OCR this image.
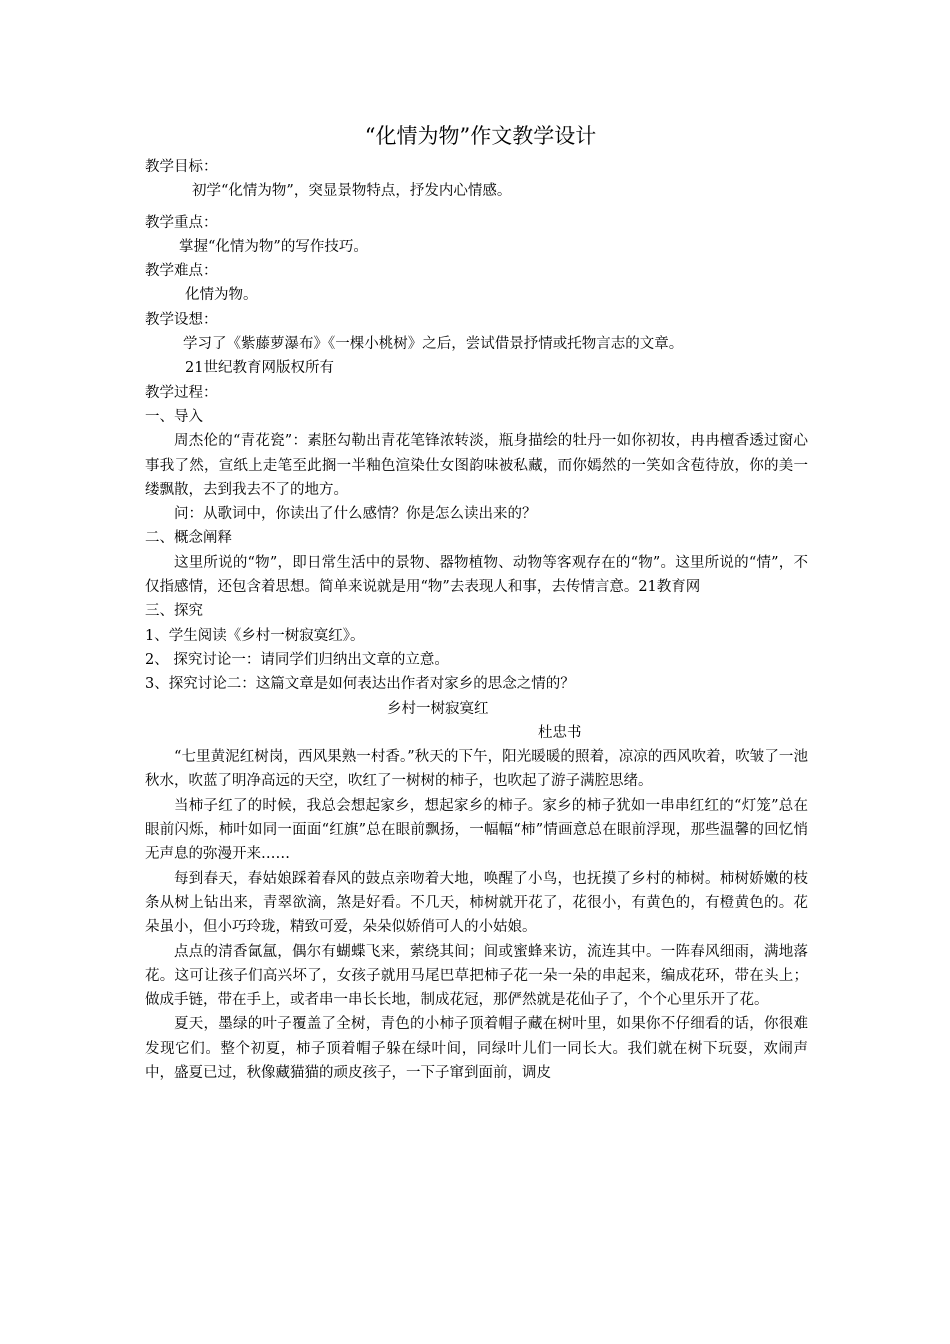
“化情为物”作文教学设计

教学目标：

初学“化情为物”，突显景物特点，抒发内心情感。

教学重点：

掌握“化情为物”的写作技巧。

教学难点：

化情为物。

教学设想：

学习了《紫藤萝瀑布》《一棵小桃树》之后，尝试借景抒情或托物言志的文章。

21世纪教育网版权所有

教学过程：

一、导入

周杰伦的“青花瓷”：素胚勾勒出青花笔锋浓转淡，瓶身描绘的牡丹一如你初妆，冉冉檀香透过窗心事我了然，宣纸上走笔至此搁一半釉色渲染仕女图韵味被私藏，而你嫣然的一笑如含苞待放，你的美一缕飘散，去到我去不了的地方。

问：从歌词中，你读出了什么感情？你是怎么读出来的？

二、概念阐释

这里所说的“物”，即日常生活中的景物、器物植物、动物等客观存在的“物”。这里所说的“情”，不仅指感情，还包含着思想。简单来说就是用“物”去表现人和事，去传情言意。21教育网

三、探究

1、学生阅读《乡村一树寂寞红》。

2、 探究讨论一：请同学们归纳出文章的立意。

3、探究讨论二：这篇文章是如何表达出作者对家乡的思念之情的？

乡村一树寂寞红

杜忠书

“七里黄泥红树岗，西风果熟一村香。”秋天的下午，阳光暖暖的照着，凉凉的西风吹着，吹皱了一池秋水，吹蓝了明净高远的天空，吹红了一树树的柿子，也吹起了游子满腔思绪。

当柿子红了的时候，我总会想起家乡，想起家乡的柿子。家乡的柿子犹如一串串红红的“灯笼”总在眼前闪烁，柿叶如同一面面“红旗”总在眼前飘扬，一幅幅“柿”情画意总在眼前浮现，那些温馨的回忆悄无声息的弥漫开来……

每到春天，春姑娘踩着春风的鼓点亲吻着大地，唤醒了小鸟，也抚摸了乡村的柿树。柿树娇嫩的枝条从树上钻出来，青翠欲滴，煞是好看。不几天，柿树就开花了，花很小，有黄色的，有橙黄色的。花朵虽小，但小巧玲珑，精致可爱，朵朵似娇俏可人的小姑娘。

点点的清香氤氲，偶尔有蝴蝶飞来，萦绕其间；间或蜜蜂来访，流连其中。一阵春风细雨，满地落花。这可让孩子们高兴坏了，女孩子就用马尾巴草把柿子花一朵一朵的串起来，编成花环，带在头上；做成手链，带在手上，或者串一串长长地，制成花冠，那俨然就是花仙子了，个个心里乐开了花。

夏天，墨绿的叶子覆盖了全树，青色的小柿子顶着帽子藏在树叶里，如果你不仔细看的话，你很难发现它们。整个初夏，柿子顶着帽子躲在绿叶间，同绿叶儿们一同长大。我们就在树下玩耍，欢闹声中，盛夏已过，秋像藏猫猫的顽皮孩子，一下子窜到面前，调皮
